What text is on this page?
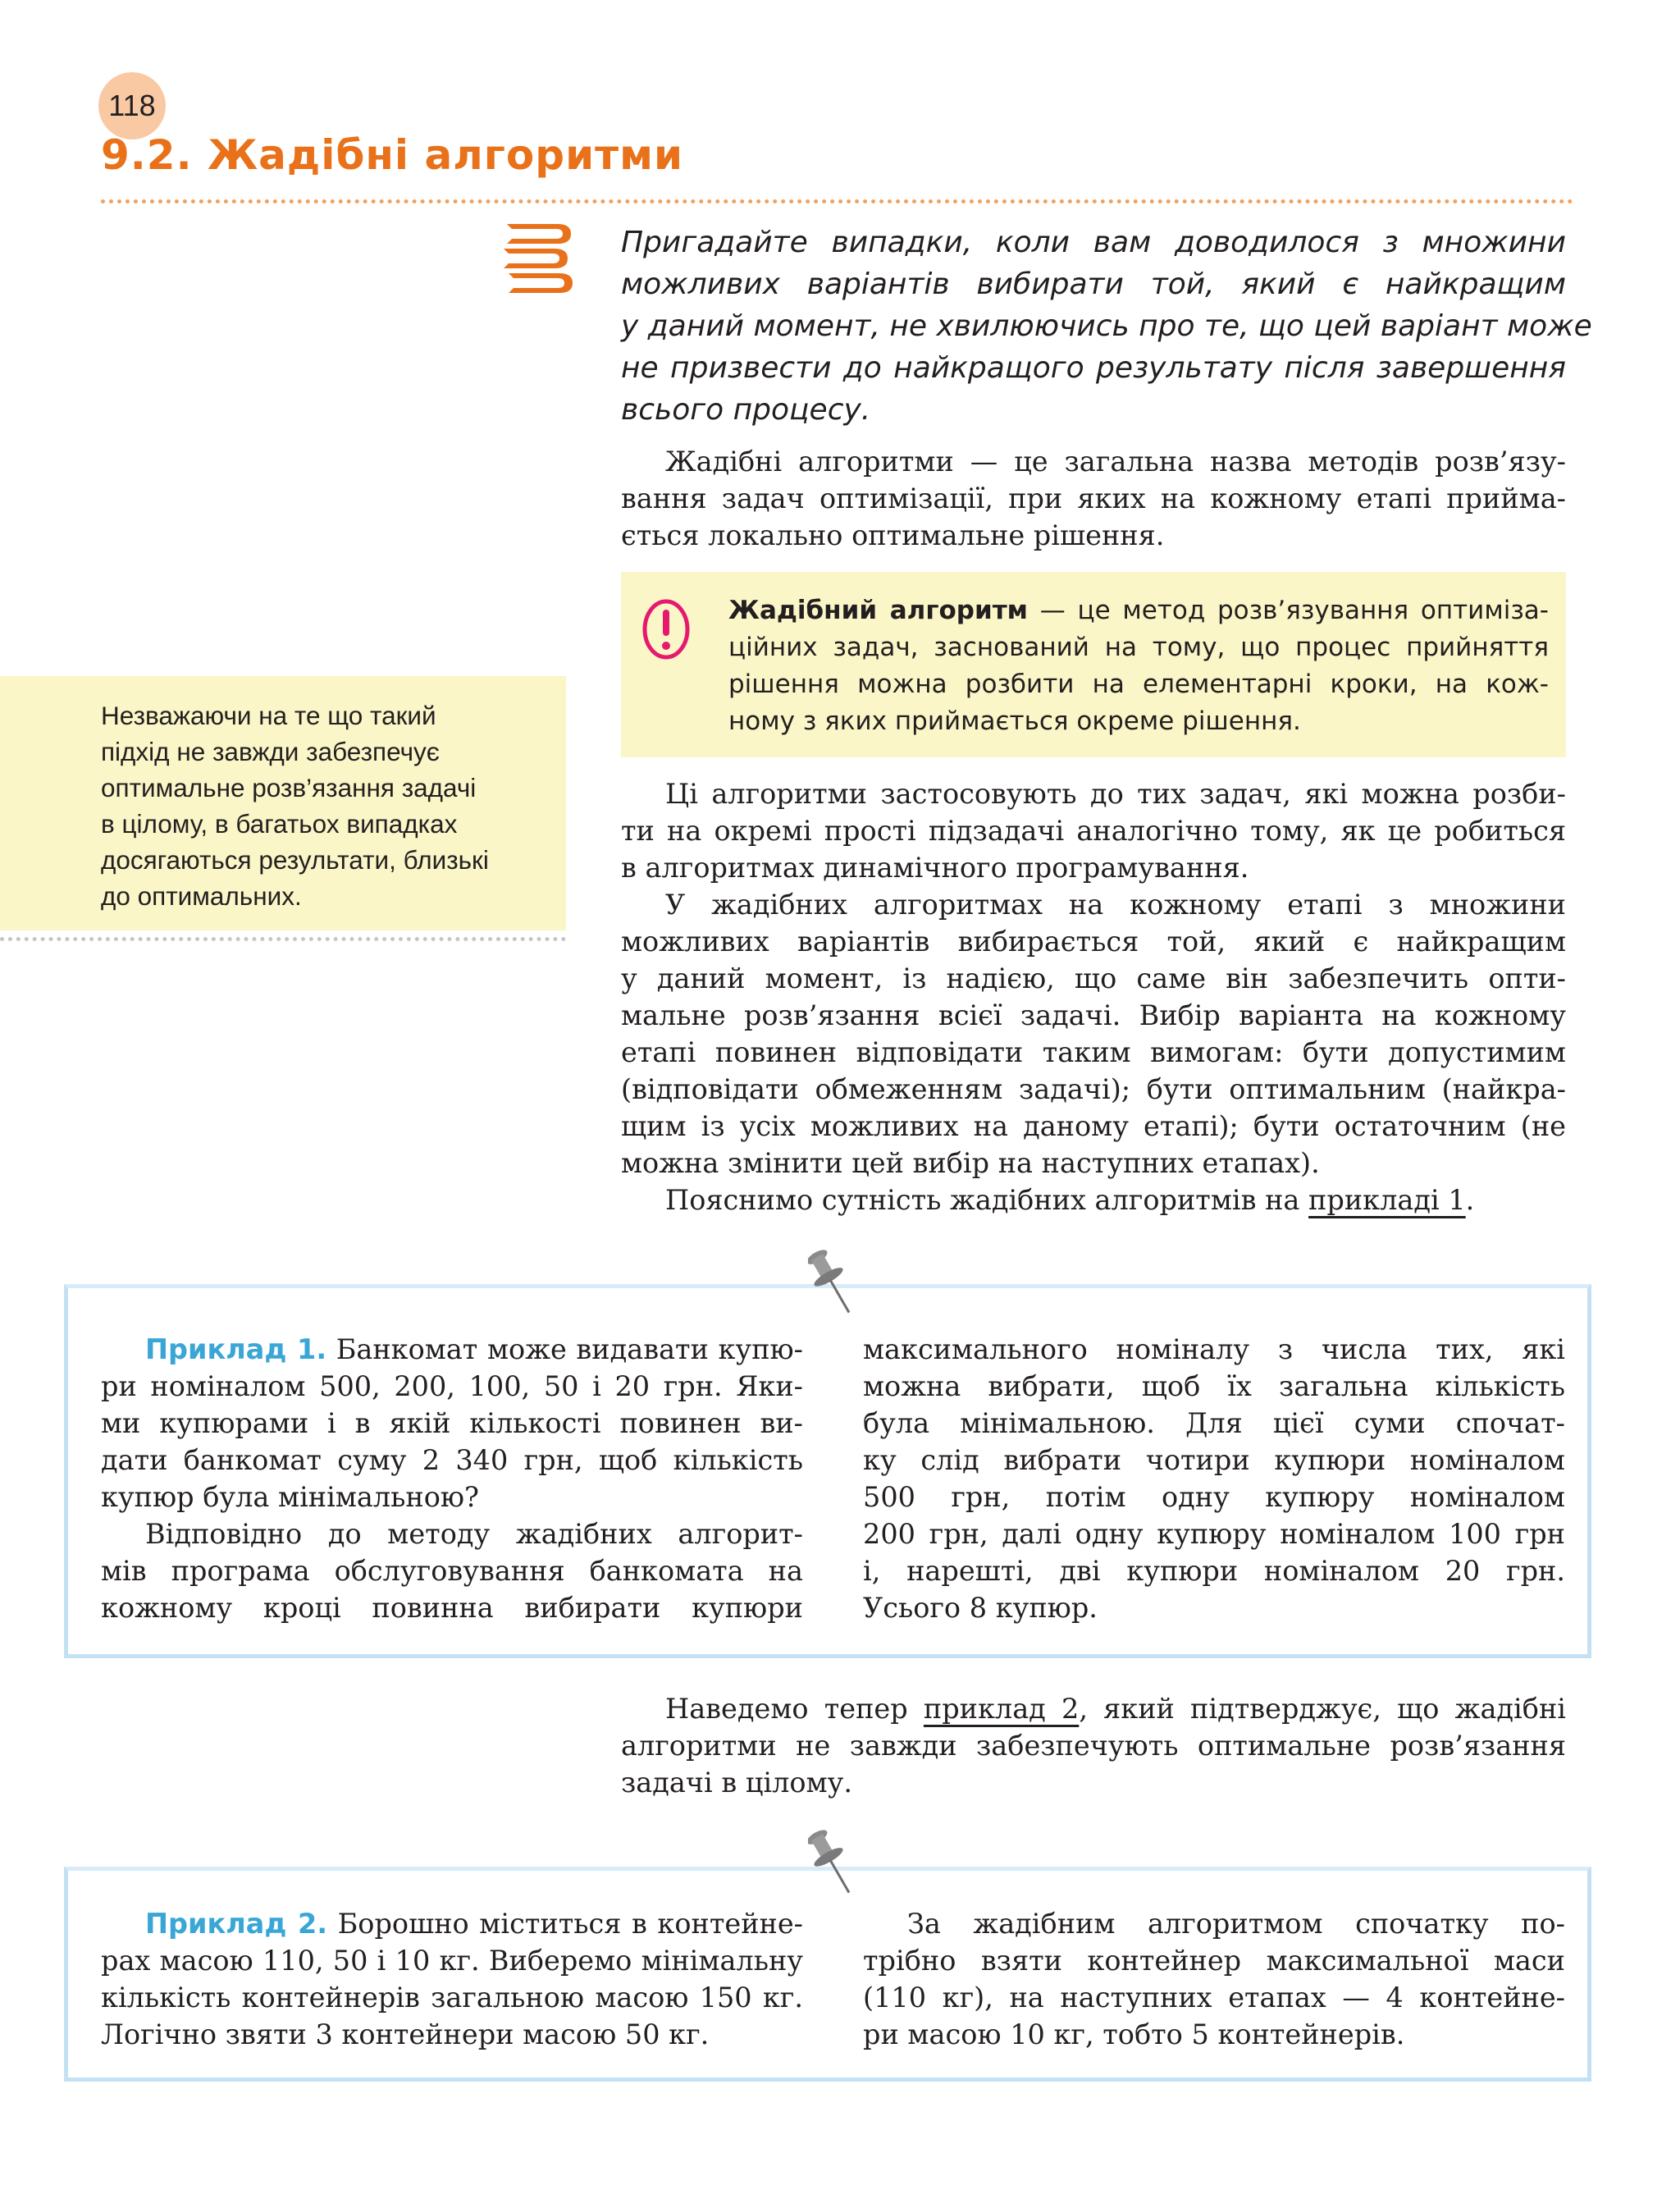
118
9.2. Жадібні алгоритми
Пригадайте випадки, коли вам доводилося з множини
можливих варіантів вибирати той, який є найкращим
у даний момент, не хвилюючись про те, що цей варіант може
не призвести до найкращого результату після завершення
всього процесу.
Жадібні алгоритми — це загальна назва методів розв’язу-
вання задач оптимізації, при яких на кожному етапі прийма-
ється локально оптимальне рішення.
Жадібний алгоритм — це метод розв’язування оптиміза-
ційних задач, заснований на тому, що процес прийняття
рішення можна розбити на елементарні кроки, на кож-
ному з яких приймається окреме рішення.
Незважаючи на те що такий
підхід не завжди забезпечує
оптимальне розв’язання задачі
в цілому, в багатьох випадках
досягаються результати, близькі
до оптимальних.
Ці алгоритми застосовують до тих задач, які можна розби-
ти на окремі прості підзадачі аналогічно тому, як це робиться
в алгоритмах динамічного програмування.
У жадібних алгоритмах на кожному етапі з множини
можливих варіантів вибирається той, який є найкращим
у даний момент, із надією, що саме він забезпечить опти-
мальне розв’язання всієї задачі. Вибір варіанта на кожному
етапі повинен відповідати таким вимогам: бути допустимим
(відповідати обмеженням задачі); бути оптимальним (найкра-
щим із усіх можливих на даному етапі); бути остаточним (не
можна змінити цей вибір на наступних етапах).
Пояснимо сутність жадібних алгоритмів на прикладі 1.
Приклад 1. Банкомат може видавати купю-
ри номіналом 500, 200, 100, 50 і 20 грн. Яки-
ми купюрами і в якій кількості повинен ви-
дати банкомат суму 2 340 грн, щоб кількість
купюр була мінімальною?
Відповідно до методу жадібних алгорит-
мів програма обслуговування банкомата на
кожному кроці повинна вибирати купюри
максимального номіналу з числа тих, які
можна вибрати, щоб їх загальна кількість
була мінімальною. Для цієї суми спочат-
ку слід вибрати чотири купюри номіналом
500 грн, потім одну купюру номіналом
200 грн, далі одну купюру номіналом 100 грн
і, нарешті, дві купюри номіналом 20 грн.
Усього 8 купюр.
Наведемо тепер приклад 2, який підтверджує, що жадібні
алгоритми не завжди забезпечують оптимальне розв’язання
задачі в цілому.
Приклад 2. Борошно міститься в контейне-
рах масою 110, 50 і 10 кг. Виберемо мінімальну
кількість контейнерів загальною масою 150 кг.
Логічно звяти 3 контейнери масою 50 кг.
За жадібним алгоритмом спочатку по-
трібно взяти контейнер максимальної маси
(110 кг), на наступних етапах — 4 контейне-
ри масою 10 кг, тобто 5 контейнерів.
